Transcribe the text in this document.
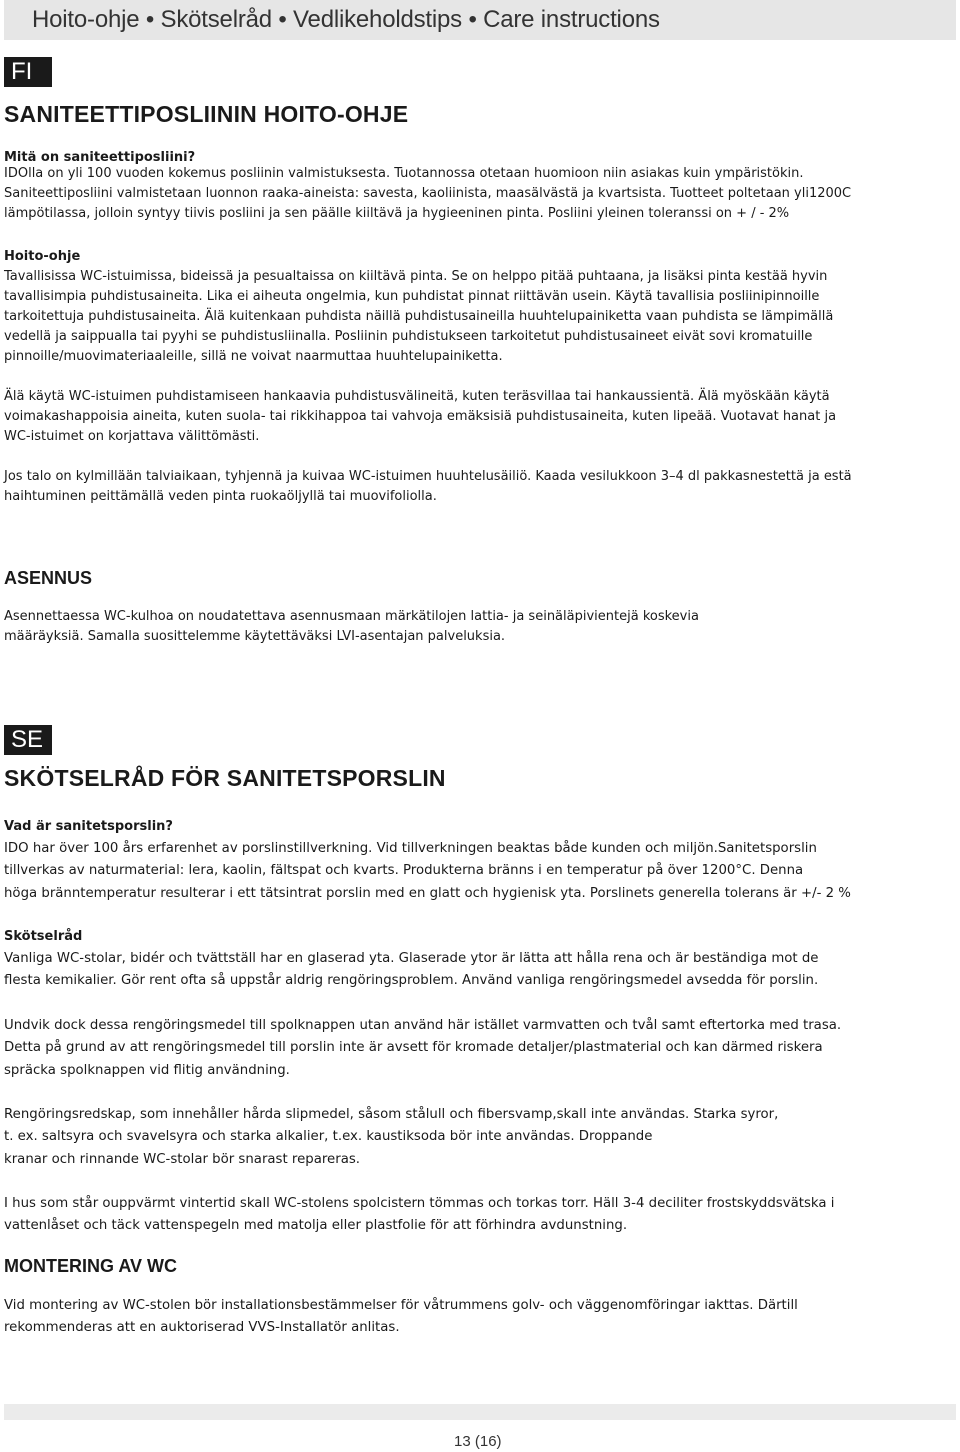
Hoito-ohje • Skötselråd • Vedlikeholdstips • Care instructions
FI
SANITEETTIPOSLIININ HOITO-OHJE
Mitä on saniteettiposliini?
IDOlla on yli 100 vuoden kokemus posliinin valmistuksesta. Tuotannossa otetaan huomioon niin asiakas kuin ympäristökin.
Saniteettiposliini valmistetaan luonnon raaka-aineista: savesta, kaoliinista, maasälvästä ja kvartsista. Tuotteet poltetaan yli1200C
lämpötilassa, jolloin syntyy tiivis posliini ja sen päälle kiiltävä ja hygieeninen pinta. Posliini yleinen toleranssi on + / - 2%
Hoito-ohje
Tavallisissa WC-istuimissa, bideissä ja pesualtaissa on kiiltävä pinta. Se on helppo pitää puhtaana, ja lisäksi pinta kestää hyvin
tavallisimpia puhdistusaineita. Lika ei aiheuta ongelmia, kun puhdistat pinnat riittävän usein. Käytä tavallisia posliinipinnoille
tarkoitettuja puhdistusaineita. Älä kuitenkaan puhdista näillä puhdistusaineilla huuhtelupainiketta vaan puhdista se lämpimällä
vedellä ja saippualla tai pyyhi se puhdistusliinalla. Posliinin puhdistukseen tarkoitetut puhdistusaineet eivät sovi kromatuille
pinnoille/muovimateriaaleille, sillä ne voivat naarmuttaa huuhtelupainiketta.
Älä käytä WC-istuimen puhdistamiseen hankaavia puhdistusvälineitä, kuten teräsvillaa tai hankaussientä. Älä myöskään käytä
voimakashappoisia aineita, kuten suola- tai rikkihappoa tai vahvoja emäksisiä puhdistusaineita, kuten lipeää. Vuotavat hanat ja
WC-istuimet on korjattava välittömästi.
Jos talo on kylmillään talviaikaan, tyhjennä ja kuivaa WC-istuimen huuhtelusäiliö. Kaada vesilukkoon 3–4 dl pakkasnestettä ja estä
haihtuminen peittämällä veden pinta ruokaöljyllä tai muovifoliolla.
ASENNUS
Asennettaessa WC-kulhoa on noudatettava asennusmaan märkätilojen lattia- ja seinäläpivientejä koskevia
määräyksiä. Samalla suosittelemme käytettäväksi LVI-asentajan palveluksia.
SE
SKÖTSELRÅD FÖR SANITETSPORSLIN
Vad är sanitetsporslin?
IDO har över 100 års erfarenhet av porslinstillverkning. Vid tillverkningen beaktas både kunden och miljön.Sanitetsporslin
tillverkas av naturmaterial: lera, kaolin, fältspat och kvarts. Produkterna bränns i en temperatur på över 1200°C. Denna
höga bränntemperatur resulterar i ett tätsintrat porslin med en glatt och hygienisk yta. Porslinets generella tolerans är +/- 2 %
Skötselråd
Vanliga WC-stolar, bidér och tvättställ har en glaserad yta. Glaserade ytor är lätta att hålla rena och är beständiga mot de
flesta kemikalier. Gör rent ofta så uppstår aldrig rengöringsproblem. Använd vanliga rengöringsmedel avsedda för porslin.
Undvik dock dessa rengöringsmedel till spolknappen utan använd här istället varmvatten och tvål samt eftertorka med trasa.
Detta på grund av att rengöringsmedel till porslin inte är avsett för kromade detaljer/plastmaterial och kan därmed riskera
spräcka spolknappen vid flitig användning.
Rengöringsredskap, som innehåller hårda slipmedel, såsom stålull och fibersvamp,skall inte användas. Starka syror,
t. ex. saltsyra och svavelsyra och starka alkalier, t.ex. kaustiksoda bör inte användas. Droppande
kranar och rinnande WC-stolar bör snarast repareras.
I hus som står ouppvärmt vintertid skall WC-stolens spolcistern tömmas och torkas torr. Häll 3-4 deciliter frostskyddsvätska i
vattenlåset och täck vattenspegeln med matolja eller plastfolie för att förhindra avdunstning.
MONTERING AV WC
Vid montering av WC-stolen bör installationsbestämmelser för våtrummens golv- och väggenomföringar iakttas. Därtill
rekommenderas att en auktoriserad VVS-Installatör anlitas.
13 (16)
